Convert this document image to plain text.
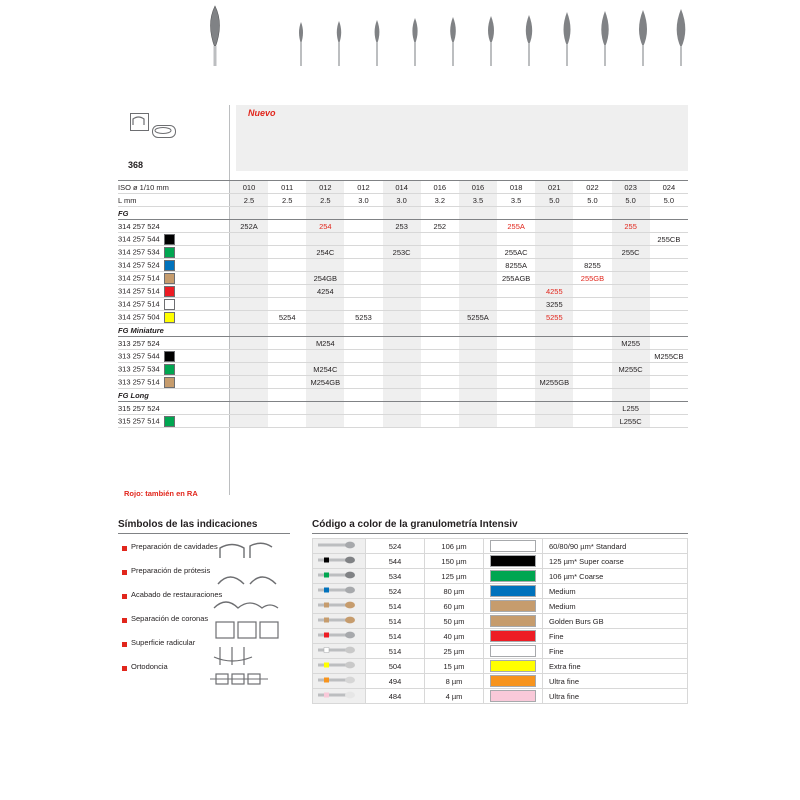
Nuevo
368
ISO ø 1/10 mm	010	011	012	012	014	016	016	018	021	022	023	024
L mm	2.5	2.5	2.5	3.0	3.0	3.2	3.5	3.5	5.0	5.0	5.0	5.0
FG												
314 257 524	252A		254		253	252		255A			255	
314 257 544												255CB
314 257 534			254C		253C			255AC			255C	
314 257 524								8255A		8255		
314 257 514			254GB					255AGB		255GB		
314 257 514			4254						4255			
314 257 514									3255			
314 257 504		5254		5253			5255A		5255			
FG Miniature												
313 257 524			M254								M255	
313 257 544												M255CB
313 257 534			M254C								M255C	
313 257 514			M254GB						M255GB			
FG Long												
315 257 524											L255	
315 257 514											L255C	
Rojo: también en RA
Símbolos de las indicaciones
Preparación de cavidades
Preparación de prótesis
Acabado de restauraciones
Separación de coronas
Superficie radicular
Ortodoncia
Código a color de la granulometría Intensiv
	524	106 µm		60/80/90 µm* Standard
	544	150 µm		125 µm* Super coarse
	534	125 µm		106 µm* Coarse
	524	80 µm		Medium
	514	60 µm		Medium
	514	50 µm		Golden Burs GB
	514	40 µm		Fine
	514	25 µm		Fine
	504	15 µm		Extra fine
	494	8 µm		Ultra fine
	484	4 µm		Ultra fine
